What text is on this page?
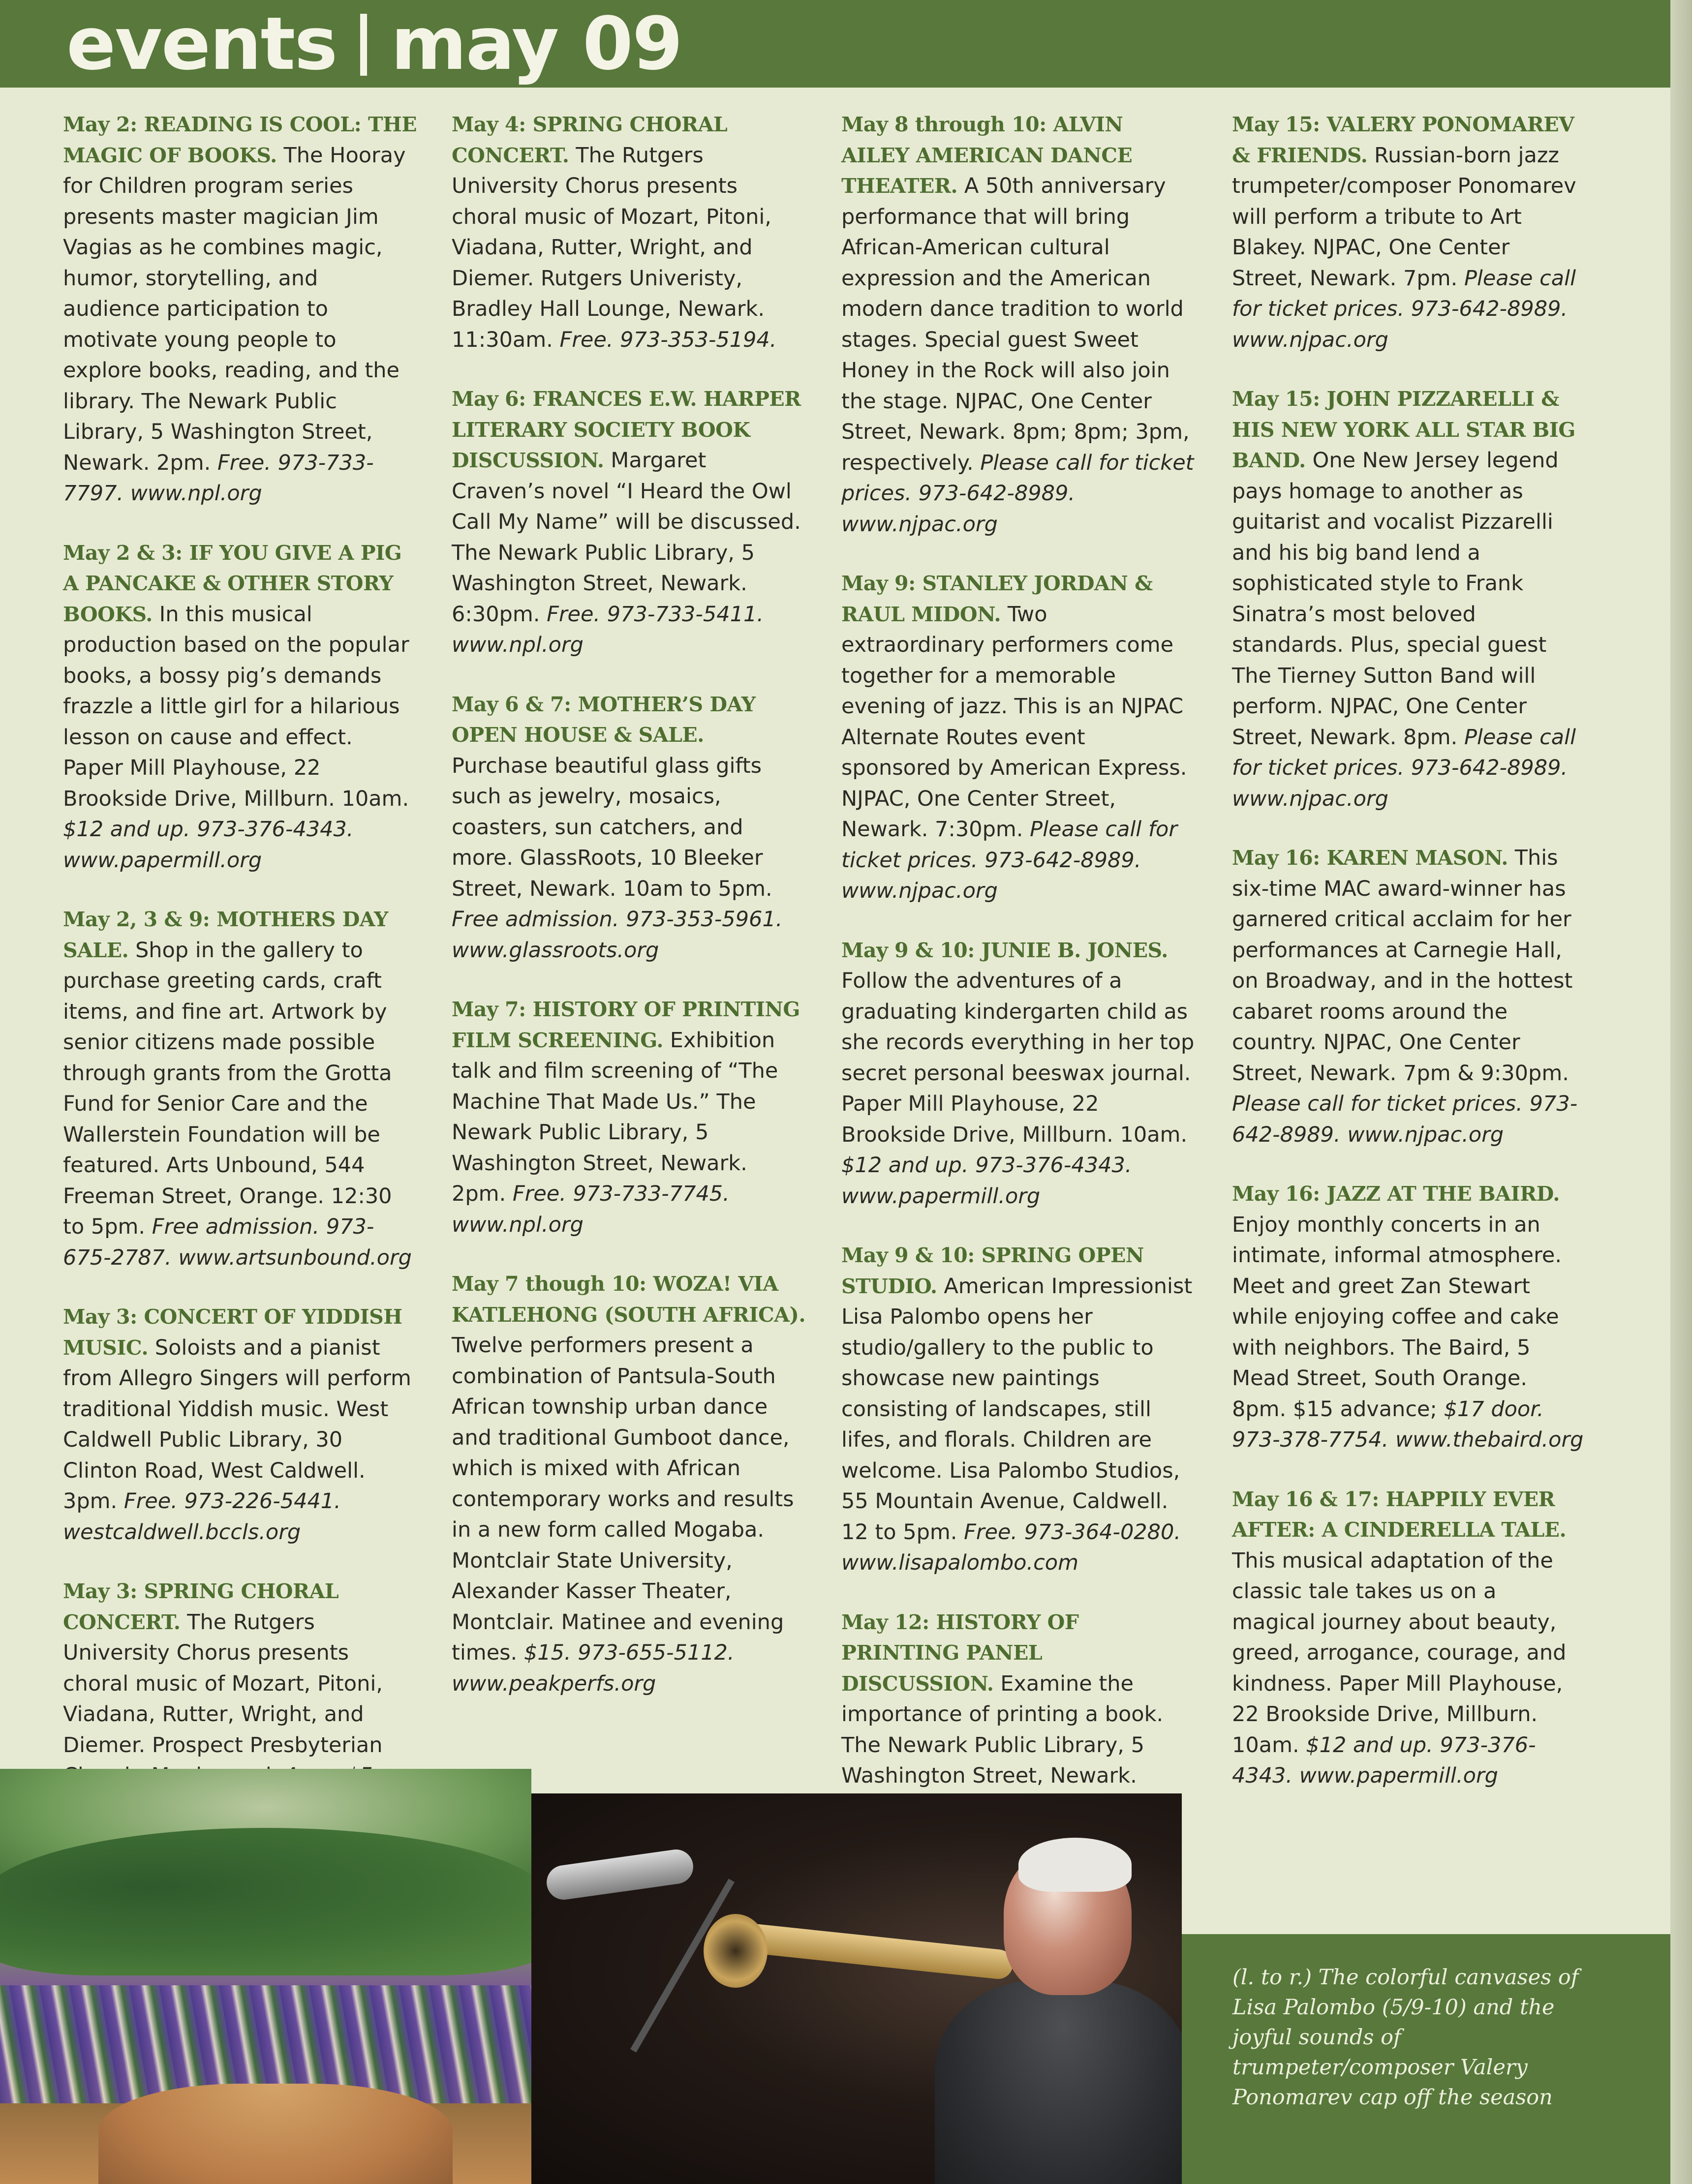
events may 09
May 2: READING IS COOL: THE MAGIC OF BOOKS. The Hooray for Children program series presents master magician Jim Vagias as he combines magic, humor, storytelling, and audience participation to motivate young people to explore books, reading, and the library. The Newark Public Library, 5 Washington Street, Newark. 2pm. Free. 973-733-7797. www.npl.org
May 2 & 3: IF YOU GIVE A PIG A PANCAKE & OTHER STORY BOOKS. In this musical production based on the popular books, a bossy pig’s demands frazzle a little girl for a hilarious lesson on cause and effect. Paper Mill Playhouse, 22 Brookside Drive, Millburn. 10am. $12 and up. 973-376-4343. www.papermill.org
May 2, 3 & 9: MOTHERS DAY SALE. Shop in the gallery to purchase greeting cards, craft items, and fine art. Artwork by senior citizens made possible through grants from the Grotta Fund for Senior Care and the Wallerstein Foundation will be featured. Arts Unbound, 544 Freeman Street, Orange. 12:30 to 5pm. Free admission. 973-675-2787. www.artsunbound.org
May 3: CONCERT OF YIDDISH MUSIC. Soloists and a pianist from Allegro Singers will perform traditional Yiddish music. West Caldwell Public Library, 30 Clinton Road, West Caldwell. 3pm. Free. 973-226-5441. westcaldwell.bccls.org
May 3: SPRING CHORAL CONCERT. The Rutgers University Chorus presents choral music of Mozart, Pitoni, Viadana, Rutter, Wright, and Diemer. Prospect Presbyterian
May 4: SPRING CHORAL CONCERT. The Rutgers University Chorus presents choral music of Mozart, Pitoni, Viadana, Rutter, Wright, and Diemer. Rutgers Univeristy, Bradley Hall Lounge, Newark. 11:30am. Free. 973-353-5194.
May 6: FRANCES E.W. HARPER LITERARY SOCIETY BOOK DISCUSSION. Margaret Craven’s novel “I Heard the Owl Call My Name” will be discussed. The Newark Public Library, 5 Washington Street, Newark. 6:30pm. Free. 973-733-5411. www.npl.org
May 6 & 7: MOTHER’S DAY OPEN HOUSE & SALE. Purchase beautiful glass gifts such as jewelry, mosaics, coasters, sun catchers, and more. GlassRoots, 10 Bleeker Street, Newark. 10am to 5pm. Free admission. 973-353-5961. www.glassroots.org
May 7: HISTORY OF PRINTING FILM SCREENING. Exhibition talk and film screening of “The Machine That Made Us.” The Newark Public Library, 5 Washington Street, Newark. 2pm. Free. 973-733-7745. www.npl.org
May 7 though 10: WOZA! VIA KATLEHONG (SOUTH AFRICA). Twelve performers present a combination of Pantsula-South African township urban dance and traditional Gumboot dance, which is mixed with African contemporary works and results in a new form called Mogaba. Montclair State University, Alexander Kasser Theater, Montclair. Matinee and evening times. $15. 973-655-5112. www.peakperfs.org
May 8 through 10: ALVIN AILEY AMERICAN DANCE THEATER. A 50th anniversary performance that will bring African-American cultural expression and the American modern dance tradition to world stages. Special guest Sweet Honey in the Rock will also join the stage. NJPAC, One Center Street, Newark. 8pm; 8pm; 3pm, respectively. Please call for ticket prices. 973-642-8989. www.njpac.org
May 9: STANLEY JORDAN & RAUL MIDON. Two extraordinary performers come together for a memorable evening of jazz. This is an NJPAC Alternate Routes event sponsored by American Express. NJPAC, One Center Street, Newark. 7:30pm. Please call for ticket prices. 973-642-8989. www.njpac.org
May 9 & 10: JUNIE B. JONES. Follow the adventures of a graduating kindergarten child as she records everything in her top secret personal beeswax journal. Paper Mill Playhouse, 22 Brookside Drive, Millburn. 10am. $12 and up. 973-376-4343. www.papermill.org
May 9 & 10: SPRING OPEN STUDIO. American Impressionist Lisa Palombo opens her studio/gallery to the public to showcase new paintings consisting of landscapes, still lifes, and florals. Children are welcome. Lisa Palombo Studios, 55 Mountain Avenue, Caldwell. 12 to 5pm. Free. 973-364-0280. www.lisapalombo.com
May 12: HISTORY OF PRINTING PANEL DISCUSSION. Examine the importance of printing a book. The Newark Public Library, 5 Washington Street, Newark.
May 15: VALERY PONOMAREV & FRIENDS. Russian-born jazz trumpeter/composer Ponomarev will perform a tribute to Art Blakey. NJPAC, One Center Street, Newark. 7pm. Please call for ticket prices. 973-642-8989. www.njpac.org
May 15: JOHN PIZZARELLI & HIS NEW YORK ALL STAR BIG BAND. One New Jersey legend pays homage to another as guitarist and vocalist Pizzarelli and his big band lend a sophisticated style to Frank Sinatra’s most beloved standards. Plus, special guest The Tierney Sutton Band will perform. NJPAC, One Center Street, Newark. 8pm. Please call for ticket prices. 973-642-8989. www.njpac.org
May 16: KAREN MASON. This six-time MAC award-winner has garnered critical acclaim for her performances at Carnegie Hall, on Broadway, and in the hottest cabaret rooms around the country. NJPAC, One Center Street, Newark. 7pm & 9:30pm. Please call for ticket prices. 973-642-8989. www.njpac.org
May 16: JAZZ AT THE BAIRD. Enjoy monthly concerts in an intimate, informal atmosphere. Meet and greet Zan Stewart while enjoying coffee and cake with neighbors. The Baird, 5 Mead Street, South Orange. 8pm. $15 advance; $17 door. 973-378-7754. www.thebaird.org
May 16 & 17: HAPPILY EVER AFTER: A CINDERELLA TALE. This musical adaptation of the classic tale takes us on a magical journey about beauty, greed, arrogance, courage, and kindness. Paper Mill Playhouse, 22 Brookside Drive, Millburn. 10am. $12 and up. 973-376-4343. www.papermill.org
(l. to r.) The colorful canvases of Lisa Palombo (5/9-10) and the joyful sounds of trumpeter/composer Valery Ponomarev cap off the season
